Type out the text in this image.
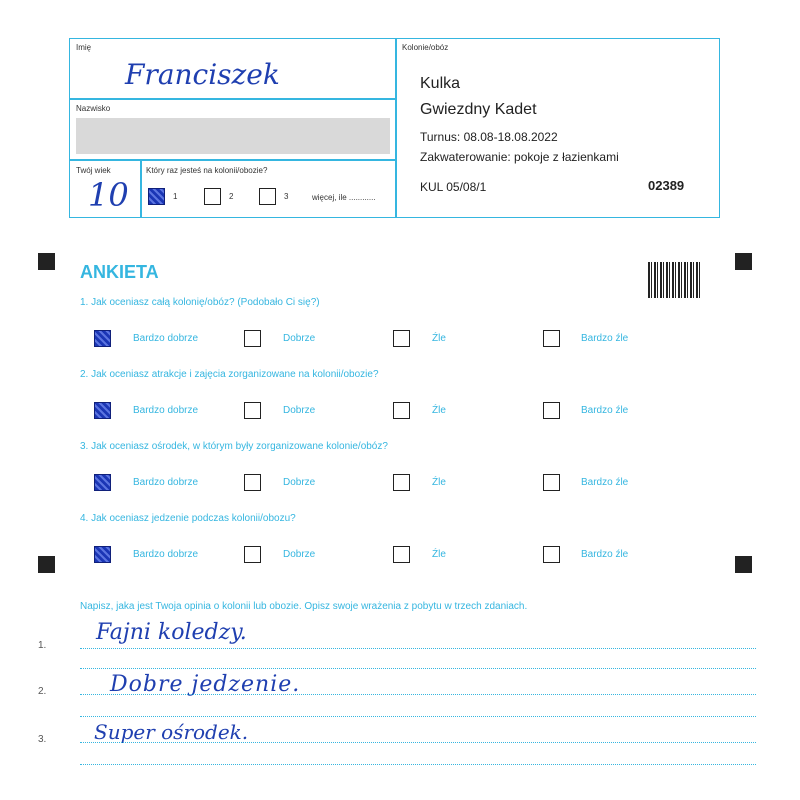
Imię
Franciszek
Nazwisko
Twój wiek
10
Który raz jesteś na kolonii/obozie?
1	2	3	więcej, ile ............
Kolonie/obóz
Kulka
Gwiezdny Kadet
Turnus: 08.08-18.08.2022
Zakwaterowanie: pokoje z łazienkami
KUL 05/08/1	02389
ANKIETA
1. Jak oceniasz całą kolonię/obóz? (Podobało Ci się?)
Bardzo dobrze	Dobrze	Źle	Bardzo źle
2. Jak oceniasz atrakcje i zajęcia zorganizowane na kolonii/obozie?
Bardzo dobrze	Dobrze	Źle	Bardzo źle
3. Jak oceniasz ośrodek, w którym były zorganizowane kolonie/obóz?
Bardzo dobrze	Dobrze	Źle	Bardzo źle
4. Jak oceniasz jedzenie podczas kolonii/obozu?
Bardzo dobrze	Dobrze	Źle	Bardzo źle
Napisz, jaka jest Twoja opinia o kolonii lub obozie. Opisz swoje wrażenia z pobytu w trzech zdaniach.
1.
Fajni koledzy.
2.	Dobre jedzenie.
3. Super ośrodek.
